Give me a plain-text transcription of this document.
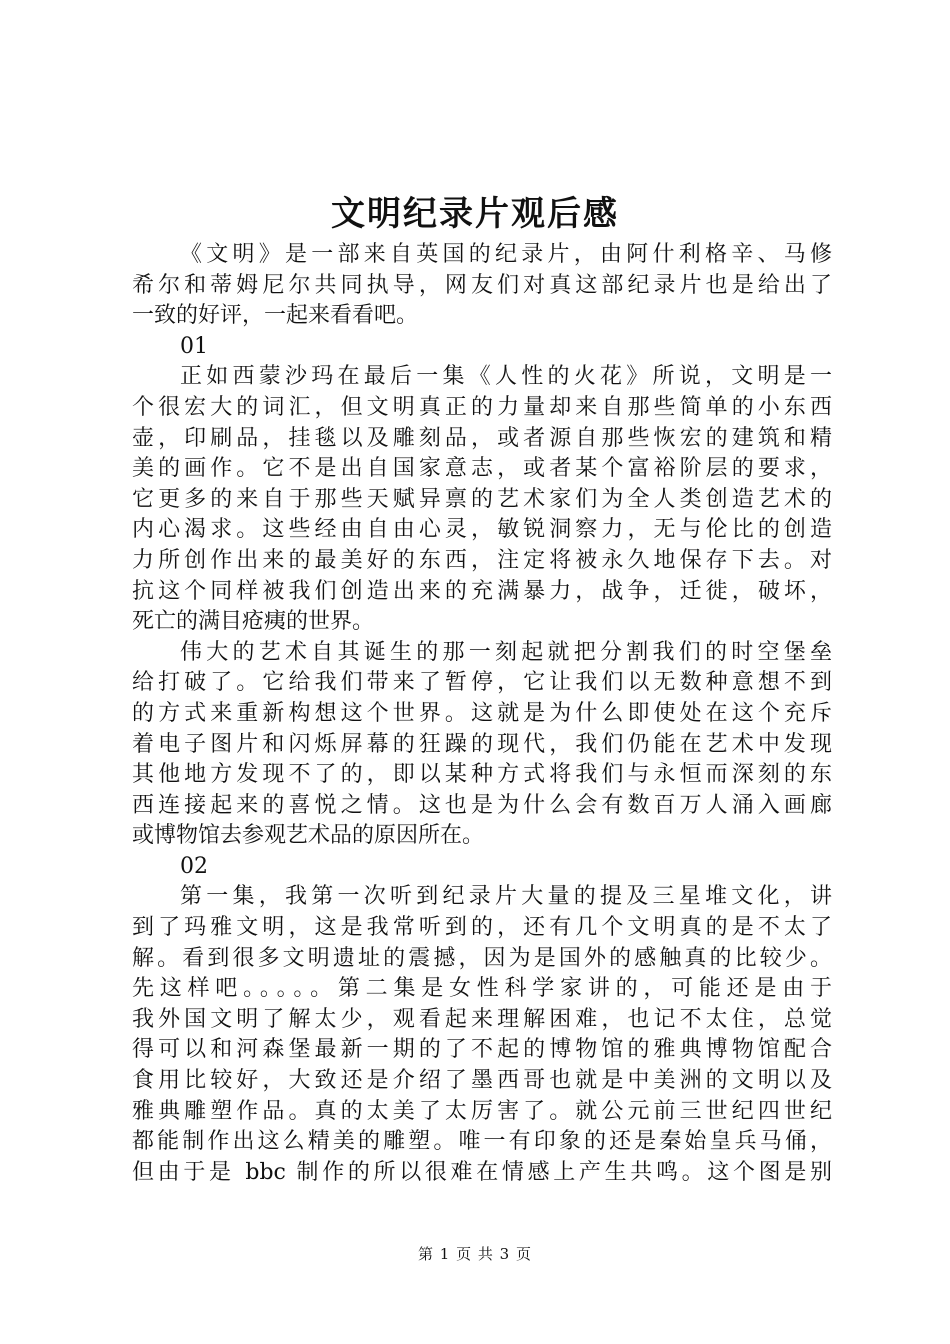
文明纪录片观后感
《文明》是一部来自英国的纪录片，由阿什利格辛、马修
希尔和蒂姆尼尔共同执导，网友们对真这部纪录片也是给出了
一致的好评，一起来看看吧。
01
正如西蒙沙玛在最后一集《人性的火花》所说，文明是一
个很宏大的词汇，但文明真正的力量却来自那些简单的小东西
壶，印刷品，挂毯以及雕刻品，或者源自那些恢宏的建筑和精
美的画作。它不是出自国家意志，或者某个富裕阶层的要求，
它更多的来自于那些天赋异禀的艺术家们为全人类创造艺术的
内心渴求。这些经由自由心灵，敏锐洞察力，无与伦比的创造
力所创作出来的最美好的东西，注定将被永久地保存下去。对
抗这个同样被我们创造出来的充满暴力，战争，迁徙，破坏，
死亡的满目疮痍的世界。
伟大的艺术自其诞生的那一刻起就把分割我们的时空堡垒
给打破了。它给我们带来了暂停，它让我们以无数种意想不到
的方式来重新构想这个世界。这就是为什么即使处在这个充斥
着电子图片和闪烁屏幕的狂躁的现代，我们仍能在艺术中发现
其他地方发现不了的，即以某种方式将我们与永恒而深刻的东
西连接起来的喜悦之情。这也是为什么会有数百万人涌入画廊
或博物馆去参观艺术品的原因所在。
02
第一集，我第一次听到纪录片大量的提及三星堆文化，讲
到了玛雅文明，这是我常听到的，还有几个文明真的是不太了
解。看到很多文明遗址的震撼，因为是国外的感触真的比较少。
先这样吧。。。。。第二集是女性科学家讲的，可能还是由于
我外国文明了解太少，观看起来理解困难，也记不太住，总觉
得可以和河森堡最新一期的了不起的博物馆的雅典博物馆配合
食用比较好，大致还是介绍了墨西哥也就是中美洲的文明以及
雅典雕塑作品。真的太美了太厉害了。就公元前三世纪四世纪
都能制作出这么精美的雕塑。唯一有印象的还是秦始皇兵马俑，
但由于是 bbc 制作的所以很难在情感上产生共鸣。这个图是别
第 1 页 共 3 页
